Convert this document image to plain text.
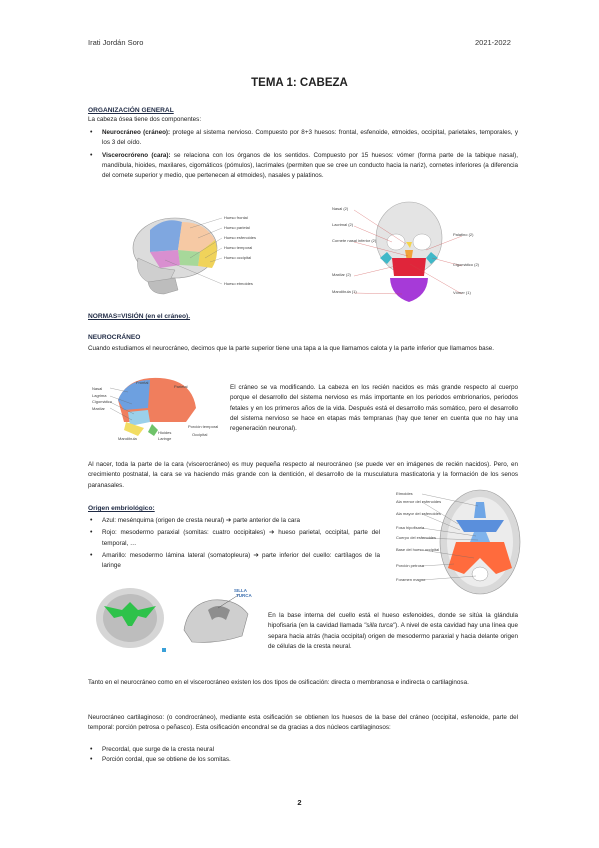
Irati Jordán Soro	2021-2022
TEMA 1: CABEZA
ORGANIZACIÓN GENERAL
La cabeza ósea tiene dos componentes:
• Neurocráneo (cráneo): protege al sistema nervioso. Compuesto por 8+3 huesos: frontal, esfenoide, etmoides, occipital, parietales, temporales, y los 3 del oído.
• Viscerocróreno (cara): se relaciona con los órganos de los sentidos. Compuesto por 15 huesos: vómer (forma parte de la tabique nasal), mandíbula, hioides, maxilares, cigomáticos (pómulos), lacrimales (permiten que se cree un conducto hacia la nariz), cornetes inferiores (a diferencia del cornete superior y medio, que pertenecen al etmoides), nasales y palatinos.
Hueso frontal
Hueso parietal
Hueso esfenoides
Hueso temporal
Hueso occipital
Hueso etmoides
Nasal (2)
Lacrimal (2)
Cornete nasal inferior (2)
Maxilar (2)
Mandíbula (1)
Palatino (2)
Cigomático (2)
Vómer (1)
NORMAS=VISIÓN (en el cráneo).
NEUROCRÁNEO
Cuando estudiamos el neurocráneo, decimos que la parte superior tiene una tapa a la que llamamos calota y la parte inferior que llamamos base.
Nasal
Lagrima
Cigomático
Maxilar
Frontal
Parietal
Porción temporal
Occipital
Mandíbula
Hioides
Laringe
El cráneo se va modificando. La cabeza en los recién nacidos es más grande respecto al cuerpo porque el desarrollo del sistema nervioso es más importante en los periodos embrionarios, periodos fetales y en los primeros años de la vida. Después está el desarrollo más somático, pero el desarrollo del sistema nervioso se hace en etapas más tempranas (hay que tener en cuenta que no hay una regeneración neuronal).
Al nacer, toda la parte de la cara (viscerocráneo) es muy pequeña respecto al neurocráneo (se puede ver en imágenes de recién nacidos). Pero, en crecimiento postnatal, la cara se va haciendo más grande con la dentición, el desarrollo de la musculatura masticatoria y la formación de los senos paranasales.
Origen embriológico:
• Azul: mesénquima (origen de cresta neural) ➔ parte anterior de la cara
• Rojo: mesodermo paraxial (somitas: cuatro occipitales) ➔ hueso parietal, occipital, parte del temporal, …
• Amarillo: mesodermo lámina lateral (somatopleura) ➔ parte inferior del cuello: cartílagos de la laringe
Etmoides
Ala menor del esfenoides
Ala mayor del esfenoides
Fosa hipofisaria
Cuerpo del esfenoides
Base del hueso occipital
Porción petrosa
Foramen magno
SILLA
TURCA
En la base interna del cuello está el hueso esfenoides, donde se sitúa la glándula hipofisaria (en la cavidad llamada "silla turca"). A nivel de esta cavidad hay una línea que separa hacia atrás (hacia occipital) origen de mesodermo paraxial y hacia delante origen de células de la cresta neural.
Tanto en el neurocráneo como en el viscerocráneo existen los dos tipos de osificación: directa o membranosa e indirecta o cartilaginosa.
Neurocráneo cartilaginoso: (o condrocráneo), mediante esta osificación se obtienen los huesos de la base del cráneo (occipital, esfenoide, parte del temporal: porción petrosa o peñasco). Esta osificación encondral se da gracias a dos núcleos cartilaginosos:
• Precordal, que surge de la cresta neural
• Porción cordal, que se obtiene de los somitas.
2
